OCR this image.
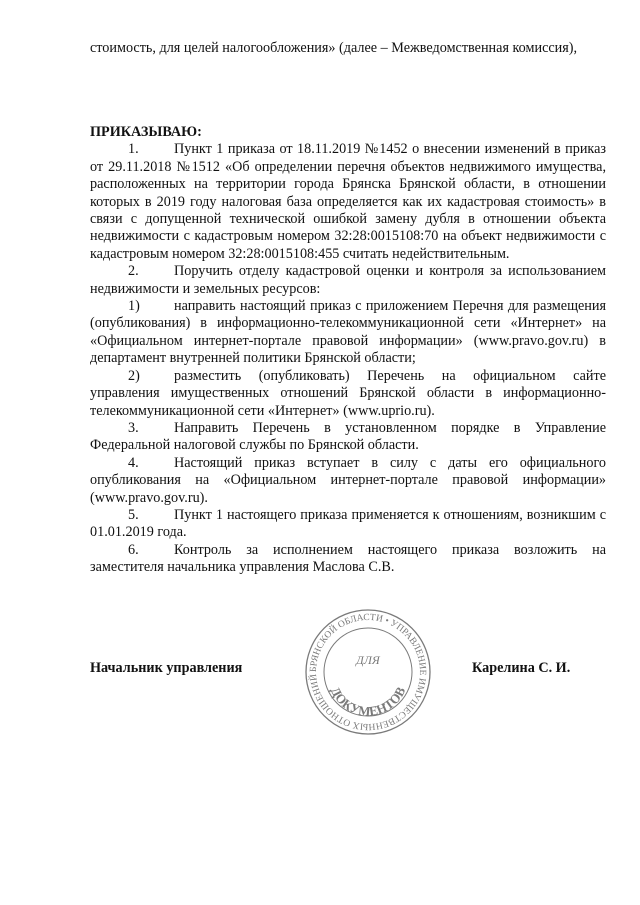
стоимость, для целей налогообложения» (далее – Межведомственная комиссия),

ПРИКАЗЫВАЮ:

1. Пункт 1 приказа от 18.11.2019 №1452 о внесении изменений в приказ от 29.11.2018 №1512 «Об определении перечня объектов недвижимого имущества, расположенных на территории города Брянска Брянской области, в отношении которых в 2019 году налоговая база определяется как их кадастровая стоимость» в связи с допущенной технической ошибкой замену дубля в отношении объекта недвижимости с кадастровым номером 32:28:0015108:70 на объект недвижимости с кадастровым номером 32:28:0015108:455 считать недействительным.

2. Поручить отделу кадастровой оценки и контроля за использованием недвижимости и земельных ресурсов:

1) направить настоящий приказ с приложением Перечня для размещения (опубликования) в информационно-телекоммуникационной сети «Интернет» на «Официальном интернет-портале правовой информации» (www.pravo.gov.ru) в департамент внутренней политики Брянской области;

2) разместить (опубликовать) Перечень на официальном сайте управления имущественных отношений Брянской области в информационно-телекоммуникационной сети «Интернет» (www.uprio.ru).

3. Направить Перечень в установленном порядке в Управление Федеральной налоговой службы по Брянской области.

4. Настоящий приказ вступает в силу с даты его официального опубликования на «Официальном интернет-портале правовой информации» (www.pravo.gov.ru).

5. Пункт 1 настоящего приказа применяется к отношениям, возникшим с 01.01.2019 года.

6. Контроль за исполнением настоящего приказа возложить на заместителя начальника управления Маслова С.В.

Начальник управления	Карелина С. И.
БРЯНСКОЙ ОБЛАСТИ • УПРАВЛЕНИЕ ИМУЩЕСТВЕННЫХ ОТНОШЕНИЙ
ДЛЯ
ДОКУМЕНТОВ
